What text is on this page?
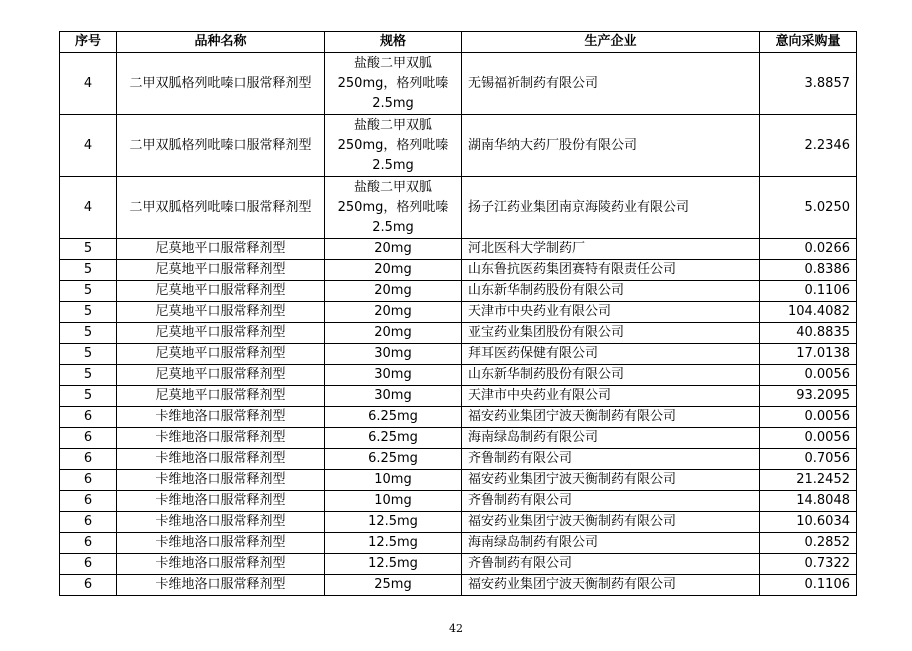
序号	品种名称	规格	生产企业	意向采购量
4	二甲双胍格列吡嗪口服常释剂型	盐酸二甲双胍250mg，格列吡嗪2.5mg	无锡福祈制药有限公司	3.8857
4	二甲双胍格列吡嗪口服常释剂型	盐酸二甲双胍250mg，格列吡嗪2.5mg	湖南华纳大药厂股份有限公司	2.2346
4	二甲双胍格列吡嗪口服常释剂型	盐酸二甲双胍250mg，格列吡嗪2.5mg	扬子江药业集团南京海陵药业有限公司	5.0250
5	尼莫地平口服常释剂型	20mg	河北医科大学制药厂	0.0266
5	尼莫地平口服常释剂型	20mg	山东鲁抗医药集团赛特有限责任公司	0.8386
5	尼莫地平口服常释剂型	20mg	山东新华制药股份有限公司	0.1106
5	尼莫地平口服常释剂型	20mg	天津市中央药业有限公司	104.4082
5	尼莫地平口服常释剂型	20mg	亚宝药业集团股份有限公司	40.8835
5	尼莫地平口服常释剂型	30mg	拜耳医药保健有限公司	17.0138
5	尼莫地平口服常释剂型	30mg	山东新华制药股份有限公司	0.0056
5	尼莫地平口服常释剂型	30mg	天津市中央药业有限公司	93.2095
6	卡维地洛口服常释剂型	6.25mg	福安药业集团宁波天衡制药有限公司	0.0056
6	卡维地洛口服常释剂型	6.25mg	海南绿岛制药有限公司	0.0056
6	卡维地洛口服常释剂型	6.25mg	齐鲁制药有限公司	0.7056
6	卡维地洛口服常释剂型	10mg	福安药业集团宁波天衡制药有限公司	21.2452
6	卡维地洛口服常释剂型	10mg	齐鲁制药有限公司	14.8048
6	卡维地洛口服常释剂型	12.5mg	福安药业集团宁波天衡制药有限公司	10.6034
6	卡维地洛口服常释剂型	12.5mg	海南绿岛制药有限公司	0.2852
6	卡维地洛口服常释剂型	12.5mg	齐鲁制药有限公司	0.7322
6	卡维地洛口服常释剂型	25mg	福安药业集团宁波天衡制药有限公司	0.1106
42
